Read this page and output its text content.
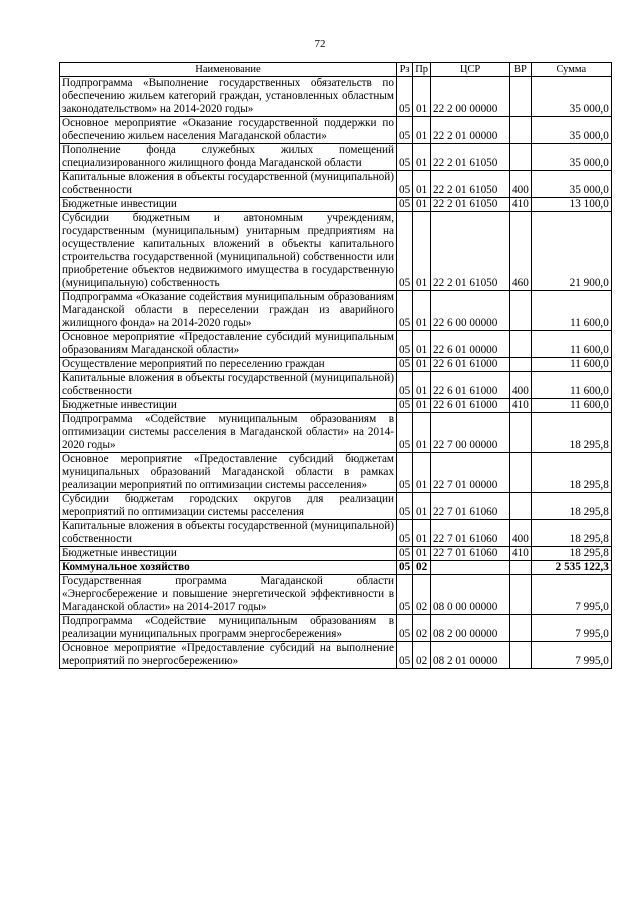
72
Наименование	Рз	Пр	ЦСР	ВР	Сумма
Подпрограмма «Выполнение государственных обязательств по обеспечению жильем категорий граждан, установленных областным законодательством» на 2014-2020 годы»	05	01	22 2 00 00000		35 000,0
Основное мероприятие «Оказание государственной поддержки по обеспечению жильем населения Магаданской области»	05	01	22 2 01 00000		35 000,0
Пополнение фонда служебных жилых помещений специализированного жилищного фонда Магаданской области	05	01	22 2 01 61050		35 000,0
Капитальные вложения в объекты государственной (муниципальной) собственности	05	01	22 2 01 61050	400	35 000,0
Бюджетные инвестиции	05	01	22 2 01 61050	410	13 100,0
Субсидии бюджетным и автономным учреждениям, государственным (муниципальным) унитарным предприятиям на осуществление капитальных вложений в объекты капитального строительства государственной (муниципальной) собственности или приобретение объектов недвижимого имущества в государственную (муниципальную) собственность	05	01	22 2 01 61050	460	21 900,0
Подпрограмма «Оказание содействия муниципальным образованиям Магаданской области в переселении граждан из аварийного жилищного фонда» на 2014-2020 годы»	05	01	22 6 00 00000		11 600,0
Основное мероприятие «Предоставление субсидий муниципальным образованиям Магаданской области»	05	01	22 6 01 00000		11 600,0
Осуществление мероприятий по переселению граждан	05	01	22 6 01 61000		11 600,0
Капитальные вложения в объекты государственной (муниципальной) собственности	05	01	22 6 01 61000	400	11 600,0
Бюджетные инвестиции	05	01	22 6 01 61000	410	11 600,0
Подпрограмма «Содействие муниципальным образованиям в оптимизации системы расселения в Магаданской области» на 2014-2020 годы»	05	01	22 7 00 00000		18 295,8
Основное мероприятие «Предоставление субсидий бюджетам муниципальных образований Магаданской области в рамках реализации мероприятий по оптимизации системы расселения»	05	01	22 7 01 00000		18 295,8
Субсидии бюджетам городских округов для реализации мероприятий по оптимизации системы расселения	05	01	22 7 01 61060		18 295,8
Капитальные вложения в объекты государственной (муниципальной) собственности	05	01	22 7 01 61060	400	18 295,8
Бюджетные инвестиции	05	01	22 7 01 61060	410	18 295,8
Коммунальное хозяйство	05	02			2 535 122,3
Государственная программа Магаданской области «Энергосбережение и повышение энергетической эффективности в Магаданской области» на 2014-2017 годы»	05	02	08 0 00 00000		7 995,0
Подпрограмма «Содействие муниципальным образованиям в реализации муниципальных программ энергосбережения»	05	02	08 2 00 00000		7 995,0
Основное мероприятие «Предоставление субсидий на выполнение мероприятий по энергосбережению»	05	02	08 2 01 00000		7 995,0
